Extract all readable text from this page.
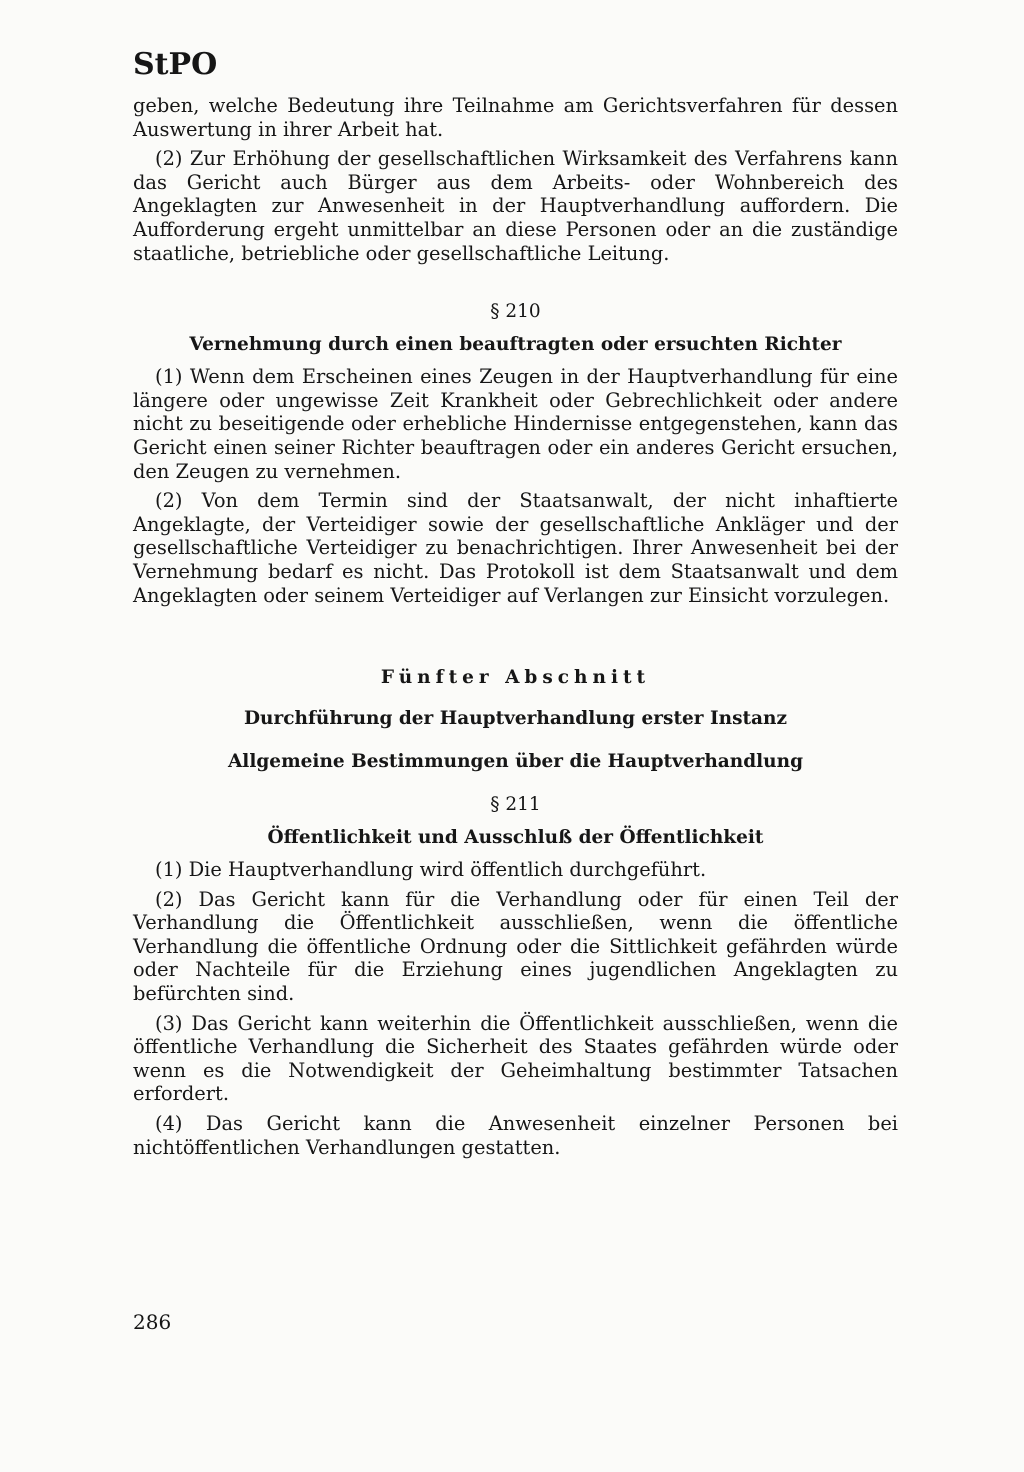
StPO

geben, welche Bedeutung ihre Teilnahme am Gerichtsverfahren für dessen Auswertung in ihrer Arbeit hat.

(2) Zur Erhöhung der gesellschaftlichen Wirksamkeit des Verfahrens kann das Gericht auch Bürger aus dem Arbeits- oder Wohnbereich des Angeklagten zur Anwesenheit in der Hauptverhandlung auffordern. Die Aufforderung ergeht unmittelbar an diese Personen oder an die zuständige staatliche, betriebliche oder gesellschaftliche Leitung.

§ 210
Vernehmung durch einen beauftragten oder ersuchten Richter

(1) Wenn dem Erscheinen eines Zeugen in der Hauptverhandlung für eine längere oder ungewisse Zeit Krankheit oder Gebrechlichkeit oder andere nicht zu beseitigende oder erhebliche Hindernisse entgegenstehen, kann das Gericht einen seiner Richter beauftragen oder ein anderes Gericht ersuchen, den Zeugen zu vernehmen.

(2) Von dem Termin sind der Staatsanwalt, der nicht inhaftierte Angeklagte, der Verteidiger sowie der gesellschaftliche Ankläger und der gesellschaftliche Verteidiger zu benachrichtigen. Ihrer Anwesenheit bei der Vernehmung bedarf es nicht. Das Protokoll ist dem Staatsanwalt und dem Angeklagten oder seinem Verteidiger auf Verlangen zur Einsicht vorzulegen.

Fünfter Abschnitt
Durchführung der Hauptverhandlung erster Instanz
Allgemeine Bestimmungen über die Hauptverhandlung
§ 211
Öffentlichkeit und Ausschluß der Öffentlichkeit

(1) Die Hauptverhandlung wird öffentlich durchgeführt.

(2) Das Gericht kann für die Verhandlung oder für einen Teil der Verhandlung die Öffentlichkeit ausschließen, wenn die öffentliche Verhandlung die öffentliche Ordnung oder die Sittlichkeit gefährden würde oder Nachteile für die Erziehung eines jugendlichen Angeklagten zu befürchten sind.

(3) Das Gericht kann weiterhin die Öffentlichkeit ausschließen, wenn die öffentliche Verhandlung die Sicherheit des Staates gefährden würde oder wenn es die Notwendigkeit der Geheimhaltung bestimmter Tatsachen erfordert.

(4) Das Gericht kann die Anwesenheit einzelner Personen bei nichtöffentlichen Verhandlungen gestatten.

286
